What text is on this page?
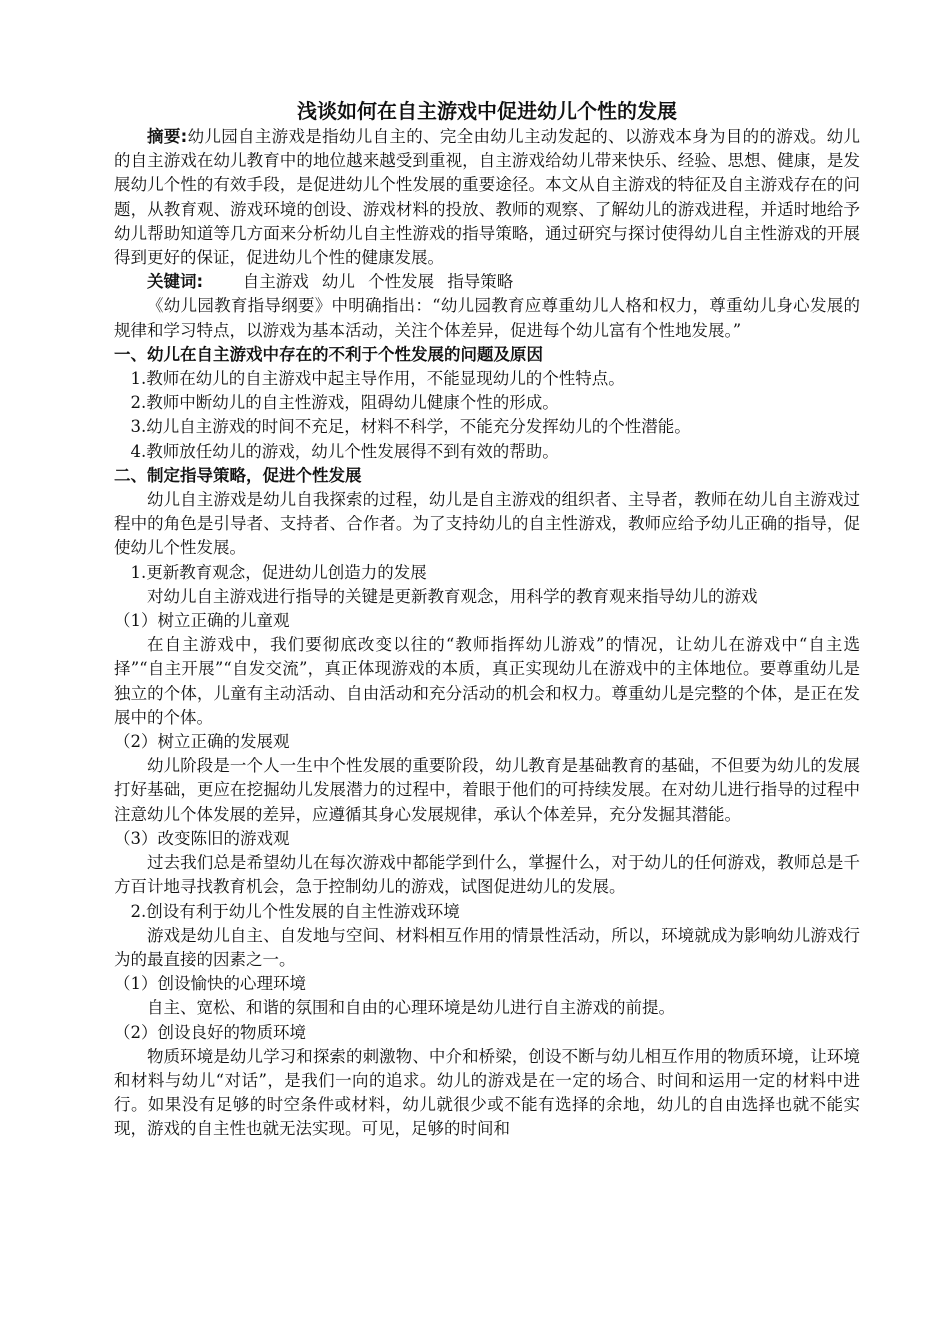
浅谈如何在自主游戏中促进幼儿个性的发展

摘要:幼儿园自主游戏是指幼儿自主的、完全由幼儿主动发起的、以游戏本身为目的的游戏。幼儿的自主游戏在幼儿教育中的地位越来越受到重视，自主游戏给幼儿带来快乐、经验、思想、健康，是发展幼儿个性的有效手段，是促进幼儿个性发展的重要途径。本文从自主游戏的特征及自主游戏存在的问题，从教育观、游戏环境的创设、游戏材料的投放、教师的观察、了解幼儿的游戏进程，并适时地给予幼儿帮助知道等几方面来分析幼儿自主性游戏的指导策略，通过研究与探讨使得幼儿自主性游戏的开展得到更好的保证，促进幼儿个性的健康发展。

关键词: 自主游戏 幼儿 个性发展 指导策略

《幼儿园教育指导纲要》中明确指出：“幼儿园教育应尊重幼儿人格和权力，尊重幼儿身心发展的规律和学习特点，以游戏为基本活动，关注个体差异，促进每个幼儿富有个性地发展。”

一、幼儿在自主游戏中存在的不利于个性发展的问题及原因

1.教师在幼儿的自主游戏中起主导作用，不能显现幼儿的个性特点。

2.教师中断幼儿的自主性游戏，阻碍幼儿健康个性的形成。

3.幼儿自主游戏的时间不充足，材料不科学，不能充分发挥幼儿的个性潜能。

4.教师放任幼儿的游戏，幼儿个性发展得不到有效的帮助。

二、制定指导策略，促进个性发展

幼儿自主游戏是幼儿自我探索的过程，幼儿是自主游戏的组织者、主导者，教师在幼儿自主游戏过程中的角色是引导者、支持者、合作者。为了支持幼儿的自主性游戏，教师应给予幼儿正确的指导，促使幼儿个性发展。

1.更新教育观念，促进幼儿创造力的发展

对幼儿自主游戏进行指导的关键是更新教育观念，用科学的教育观来指导幼儿的游戏

（1）树立正确的儿童观

在自主游戏中，我们要彻底改变以往的“教师指挥幼儿游戏”的情况，让幼儿在游戏中“自主选择”“自主开展”“自发交流”，真正体现游戏的本质，真正实现幼儿在游戏中的主体地位。要尊重幼儿是独立的个体，儿童有主动活动、自由活动和充分活动的机会和权力。尊重幼儿是完整的个体，是正在发展中的个体。

（2）树立正确的发展观

幼儿阶段是一个人一生中个性发展的重要阶段，幼儿教育是基础教育的基础，不但要为幼儿的发展打好基础，更应在挖掘幼儿发展潜力的过程中，着眼于他们的可持续发展。在对幼儿进行指导的过程中注意幼儿个体发展的差异，应遵循其身心发展规律，承认个体差异，充分发掘其潜能。

（3）改变陈旧的游戏观

过去我们总是希望幼儿在每次游戏中都能学到什么，掌握什么，对于幼儿的任何游戏，教师总是千方百计地寻找教育机会，急于控制幼儿的游戏，试图促进幼儿的发展。

2.创设有利于幼儿个性发展的自主性游戏环境

游戏是幼儿自主、自发地与空间、材料相互作用的情景性活动，所以，环境就成为影响幼儿游戏行为的最直接的因素之一。

（1）创设愉快的心理环境

自主、宽松、和谐的氛围和自由的心理环境是幼儿进行自主游戏的前提。

（2）创设良好的物质环境

物质环境是幼儿学习和探索的刺激物、中介和桥梁，创设不断与幼儿相互作用的物质环境，让环境和材料与幼儿“对话”，是我们一向的追求。幼儿的游戏是在一定的场合、时间和运用一定的材料中进行。如果没有足够的时空条件或材料，幼儿就很少或不能有选择的余地，幼儿的自由选择也就不能实现，游戏的自主性也就无法实现。可见，足够的时间和
